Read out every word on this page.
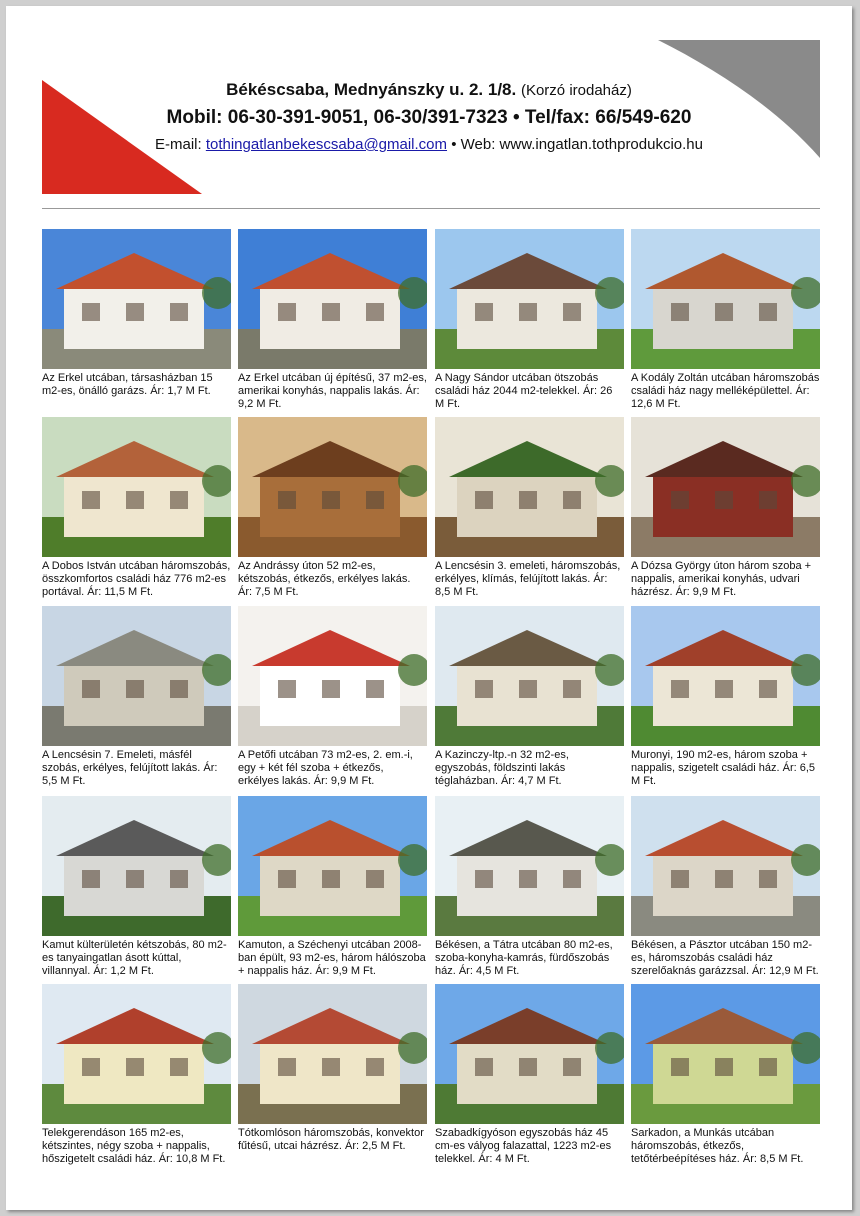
Békéscsaba, Mednyánszky u. 2. 1/8. (Korzó irodaház)
Mobil: 06-30-391-9051, 06-30/391-7323 • Tel/fax: 66/549-620
E-mail: tothingatlanbekescsaba@gmail.com • Web: www.ingatlan.tothprodukcio.hu
Az Erkel utcában, társasházban 15 m2-es, önálló garázs. Ár: 1,7 M Ft.
Az Erkel utcában új építésű, 37 m2-es, amerikai konyhás, nappalis lakás. Ár: 9,2 M Ft.
A Nagy Sándor utcában ötszobás családi ház 2044 m2-telekkel. Ár: 26 M Ft.
A Kodály Zoltán utcában háromszobás családi ház nagy melléképülettel. Ár: 12,6 M Ft.
A Dobos István utcában háromszobás, összkomfortos családi ház 776 m2-es portával. Ár: 11,5 M Ft.
Az Andrássy úton 52 m2-es, kétszobás, étkezős, erkélyes lakás. Ár: 7,5 M Ft.
A Lencsésin 3. emeleti, háromszobás, erkélyes, klímás, felújított lakás. Ár: 8,5 M Ft.
A Dózsa György úton három szoba + nappalis, amerikai konyhás, udvari házrész. Ár: 9,9 M Ft.
A Lencsésin 7. Emeleti, másfél szobás, erkélyes, felújított lakás. Ár: 5,5 M Ft.
A Petőfi utcában 73 m2-es, 2. em.-i, egy + két fél szoba + étkezős, erkélyes lakás. Ár: 9,9 M Ft.
A Kazinczy-ltp.-n 32 m2-es, egyszobás, földszinti lakás téglaházban. Ár: 4,7 M Ft.
Muronyi, 190 m2-es, három szoba + nappalis, szigetelt családi ház. Ár: 6,5 M Ft.
Kamut külterületén kétszobás, 80 m2-es tanyaingatlan ásott kúttal, villannyal. Ár: 1,2 M Ft.
Kamuton, a Széchenyi utcában 2008-ban épült, 93 m2-es, három hálószoba + nappalis ház. Ár: 9,9 M Ft.
Békésen, a Tátra utcában 80 m2-es, szoba-konyha-kamrás, fürdőszobás ház. Ár: 4,5 M Ft.
Békésen, a Pásztor utcában 150 m2-es, háromszobás családi ház szerelőaknás garázzsal. Ár: 12,9 M Ft.
Telekgerendáson 165 m2-es, kétszintes, négy szoba + nappalis, hőszigetelt családi ház. Ár: 10,8 M Ft.
Tótkomlóson háromszobás, konvektor fűtésű, utcai házrész. Ár: 2,5 M Ft.
Szabadkígyóson egyszobás ház 45 cm-es vályog falazattal, 1223 m2-es telekkel. Ár: 4 M Ft.
Sarkadon, a Munkás utcában háromszobás, étkezős, tetőtérbeépítéses ház. Ár: 8,5 M Ft.
